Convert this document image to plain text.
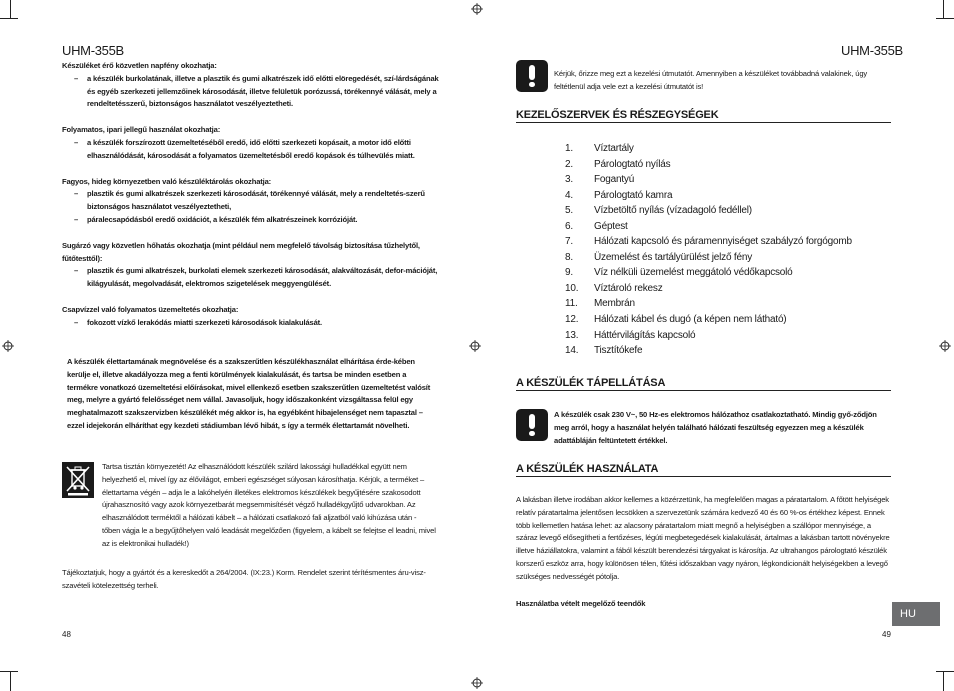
UHM-355B

Készüléket érő közvetlen napfény okozhatja:

– a készülék burkolatának, illetve a plasztik és gumi alkatrészek idő előtti elöregedését, szí-lárdságának és egyéb szerkezeti jellemzőinek károsodását, illetve felületük porózussá, törékennyé válását, mely a rendeltetésszerű, biztonságos használatot veszélyeztetheti.

Folyamatos, ipari jellegű használat okozhatja:

– a készülék forszírozott üzemeltetéséből eredő, idő előtti szerkezeti kopásait, a motor idő előtti elhasználódását, károsodását a folyamatos üzemeltetésből eredő kopások és túlhevülés miatt.

Fagyos, hideg környezetben való készüléktárolás okozhatja:

– plasztik és gumi alkatrészek szerkezeti károsodását, törékennyé válását, mely a rendeltetés-szerű biztonságos használatot veszélyeztetheti,

– páralecsapódásból eredő oxidációt, a készülék fém alkatrészeinek korrózióját.

Sugárzó vagy közvetlen hőhatás okozhatja (mint például nem megfelelő távolság biztosítása tűzhelytől, fűtőtesttől):

– plasztik és gumi alkatrészek, burkolati elemek szerkezeti károsodását, alakváltozását, defor-mációját, kilágyulását, megolvadását, elektromos szigetelések meggyengülését.

Csapvízzel való folyamatos üzemeltetés okozhatja:

– fokozott vízkő lerakódás miatti szerkezeti károsodások kialakulását.

A készülék élettartamának megnövelése és a szakszerűtlen készülékhasználat elhárítása érde-kében kerülje el, illetve akadályozza meg a fenti körülmények kialakulását, és tartsa be minden esetben a termékre vonatkozó üzemeltetési előírásokat, mivel ellenkező esetben szakszerűtlen üzemeltetést valósít meg, melyre a gyártó felelősséget nem vállal. Javasoljuk, hogy időszakonként vizsgáltassa felül egy meghatalmazott szakszervizben készülékét még akkor is, ha egyébként hibajelenséget nem tapasztal – ezzel idejekorán elháríthat egy kezdeti stádiumban lévő hibát, s így a termék élettartamát növelheti.
Tartsa tisztán környezetét! Az elhasználódott készülék szilárd lakossági hulladékkal együtt nem helyezhető el, mivel így az élővilágot, emberi egészséget súlyosan károsíthatja. Kérjük, a terméket – élettartama végén – adja le a lakóhelyén illetékes elektromos készülékek begyűjtésére szakosodott újrahasznosító vagy azok környezetbarát megsemmisítését végző hulladékgyűjtő udvarokban. Az elhasználódott terméktől a hálózati kábelt – a hálózati csatlakozó fali aljzatból való kihúzása után - tőben vágja le a begyűjtőhelyen való leadását megelőzően (figyelem, a kábelt se felejtse el leadni, mivel az is elektronikai hulladék!)
Tájékoztatjuk, hogy a gyártót és a kereskedőt a 264/2004. (IX:23.) Korm. Rendelet szerint térítésmentes áru-visz-szavételi kötelezettség terheli.
48
UHM-355B
Kérjük, őrizze meg ezt a kezelési útmutatót. Amennyiben a készüléket továbbadná valakinek, úgy feltétlenül adja vele ezt a kezelési útmutatót is!
KEZELŐSZERVEK ÉS RÉSZEGYSÉGEK
1.	Víztartály
2.	Párologtató nyílás
3.	Fogantyú
4.	Párologtató kamra
5.	Vízbetöltő nyílás (vízadagoló fedéllel)
6.	Géptest
7.	Hálózati kapcsoló és páramennyiséget szabályzó forgógomb
8.	Üzemelést és tartályürülést jelző fény
9.	Víz nélküli üzemelést meggátoló védőkapcsoló
10.	Víztároló rekesz
11.	Membrán
12.	Hálózati kábel és dugó (a képen nem látható)
13.	Háttérvilágítás kapcsoló
14.	Tisztítókefe
A KÉSZÜLÉK TÁPELLÁTÁSA
A készülék csak 230 V~, 50 Hz-es elektromos hálózathoz csatlakoztatható. Mindig győ-ződjön meg arról, hogy a használat helyén található hálózati feszültség egyezzen meg a készülék adattábláján feltüntetett értékkel.
A KÉSZÜLÉK HASZNÁLATA
A lakásban illetve irodában akkor kellemes a közérzetünk, ha megfelelően magas a páratartalom. A főtött helyiségek relatív páratartalma jelentősen lecsökken a szervezetünk számára kedvező 40 és 60 %-os értékhez képest. Ennek több kellemetlen hatása lehet: az alacsony páratartalom miatt megnő a helyiségben a szállópor mennyisége, a száraz levegő elősegítheti a fertőzéses, légúti megbetegedések kialakulását, ártalmas a lakásban tartott növényekre illetve háziállatokra, valamint a fából készült berendezési tárgyakat is károsítja. Az ultrahangos párologtató készülék korszerű eszköz arra, hogy különösen télen, fűtési időszakban vagy nyáron, légkondicionált helyiségekben a levegő szükséges nedvességét pótolja.
Használatba vételt megelőző teendők
HU
49
